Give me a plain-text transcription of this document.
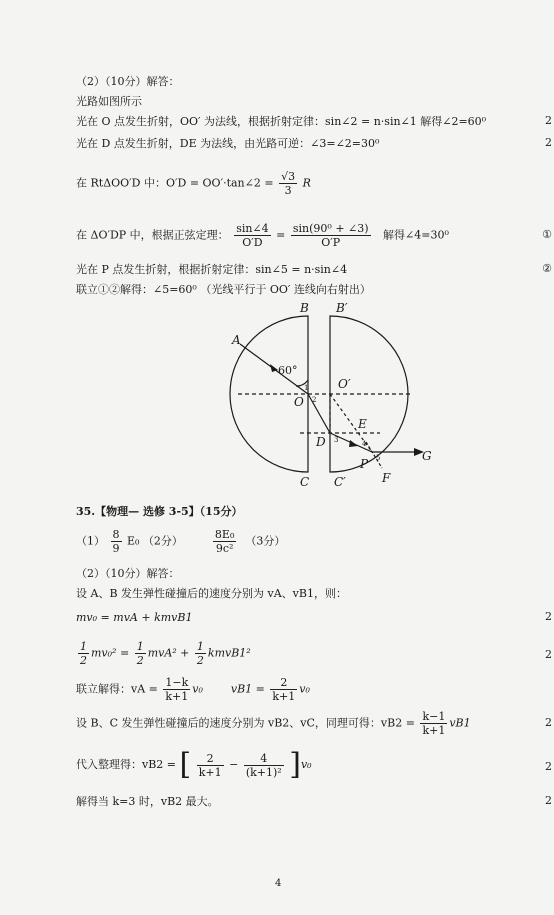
（2）（10分）解答：
光路如图所示
光在 O 点发生折射，OO′ 为法线，根据折射定律：sin∠2 = n·sin∠1 解得∠2=60⁰
光在 D 点发生折射，DE 为法线，由光路可逆：∠3=∠2=30⁰
在 RtΔOO′D 中：O′D = OO′·tan∠2 = $\frac{√3}{3}$ R
在 ΔO′DP 中，根据正弦定理： $\frac{\sin\angle 4}{O'D} = \frac{\text{sin(90⁰ + ∠3)}}{O'P}$ 解得∠4=30⁰	①
光在 P 点发生折射，根据折射定律：sin∠5 = n·sin∠4	②
联立①②解得：∠5=60⁰ （光线平行于 OO′ 连线向右射出）
2
2
A
B B′
O
O′
D
E
P
G
F
C C′
60°
1
2
3	4
5
35.【物理— 选修 3-5】（15分）
$(1) \frac{8}{9} E_0$ （2分）	$\frac{\text{8E₀}}{\text{9c²}} (3$分）
（2）（10分）解答：
设 A、B 发生弹性碰撞后的速度分别为 vA、vB1，则：
mv₀ = mvA + kmvB1	2
$\frac{1}{2} mv_0^2 = \frac{1}{2} mvA^2 + \frac{1}{2}$ kmvB1²	2
联立解得：vA = $\frac{1-k}{k+1} v_0$	$vB1 = \frac{2}{k+1} v_0$
设 B、C 发生弹性碰撞后的速度分别为 vB2、vC，同理可得：$vB2 = \frac{k-1}{k+1} vB1$	2
代入整理得：vB2 = [ $\frac{2}{k+1} - \frac{4}{\text{(k+1)²}} ]v_0$	2
解得当 k=3 时，vB2 最大。	2
4
